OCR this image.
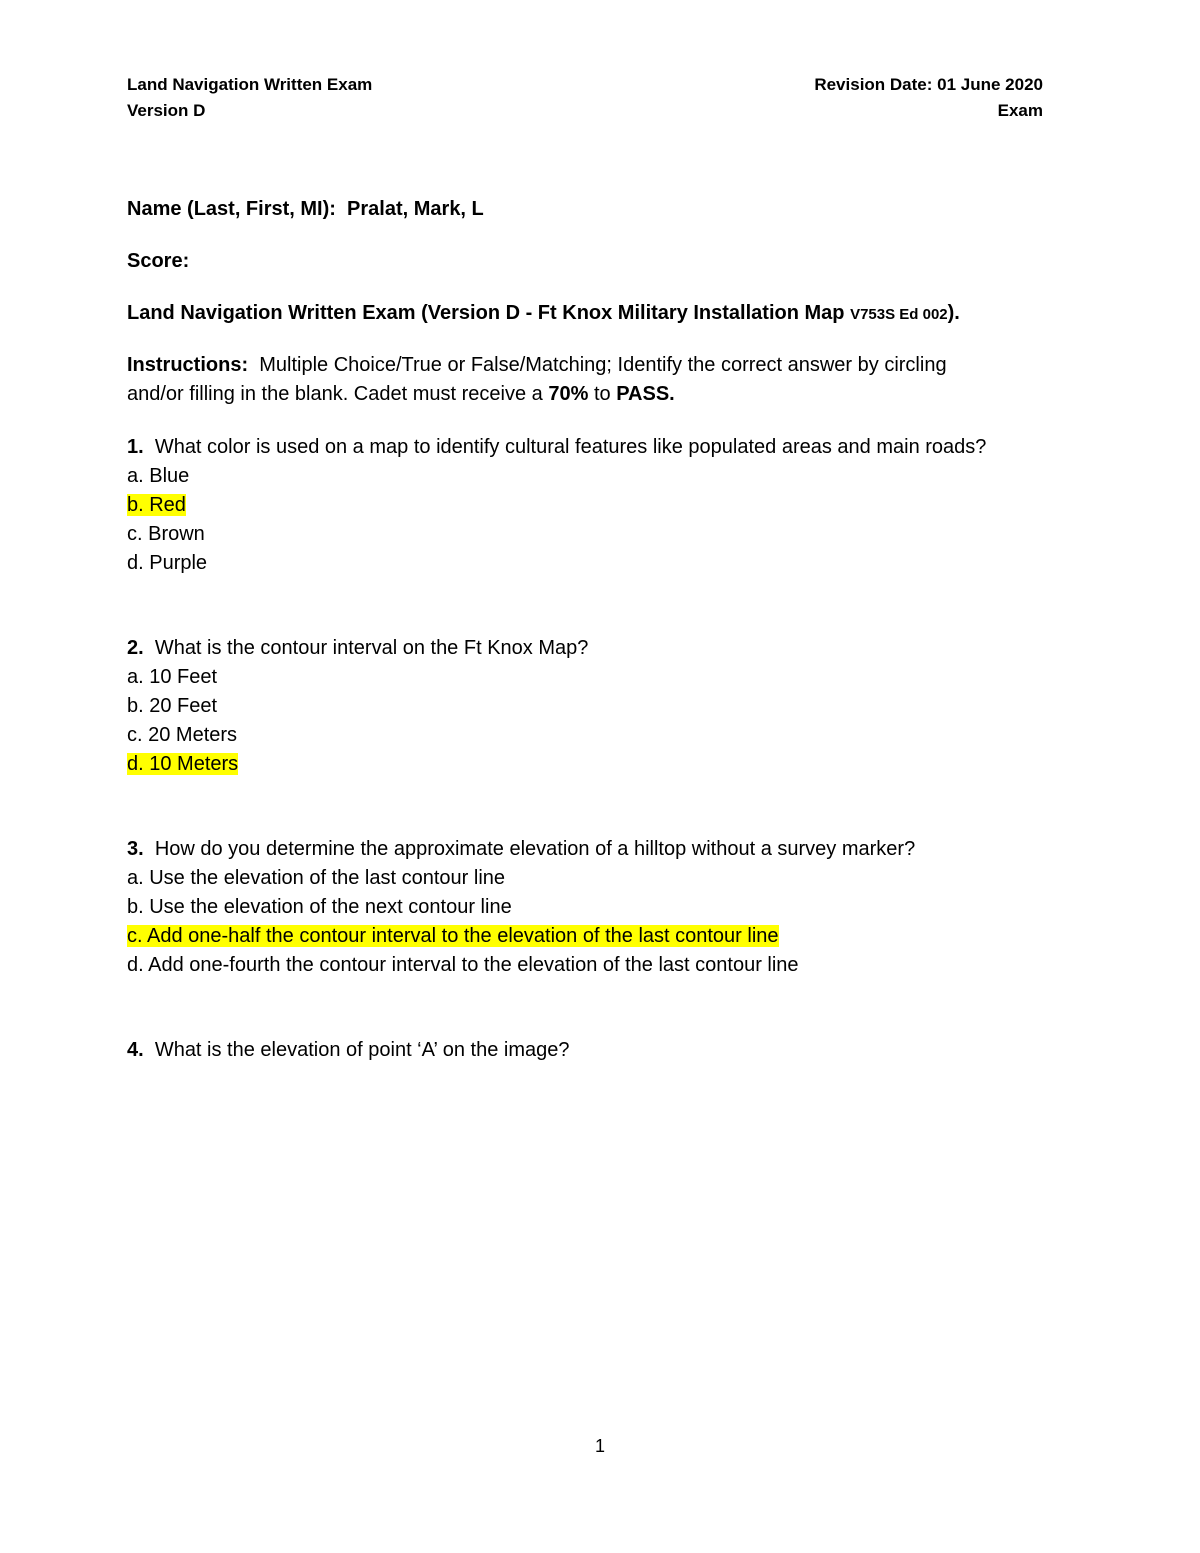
Land Navigation Written Exam
Version D
Revision Date: 01 June 2020
Exam
Name (Last, First, MI): Pralat, Mark, L
Score:
Land Navigation Written Exam (Version D - Ft Knox Military Installation Map V753S Ed 002).
Instructions: Multiple Choice/True or False/Matching; Identify the correct answer by circling
and/or filling in the blank. Cadet must receive a 70% to PASS.
1. What color is used on a map to identify cultural features like populated areas and main roads?
a. Blue
b. Red
c. Brown
d. Purple
2. What is the contour interval on the Ft Knox Map?
a. 10 Feet
b. 20 Feet
c. 20 Meters
d. 10 Meters
3. How do you determine the approximate elevation of a hilltop without a survey marker?
a. Use the elevation of the last contour line
b. Use the elevation of the next contour line
c. Add one-half the contour interval to the elevation of the last contour line
d. Add one-fourth the contour interval to the elevation of the last contour line
4. What is the elevation of point ‘A’ on the image?
1
